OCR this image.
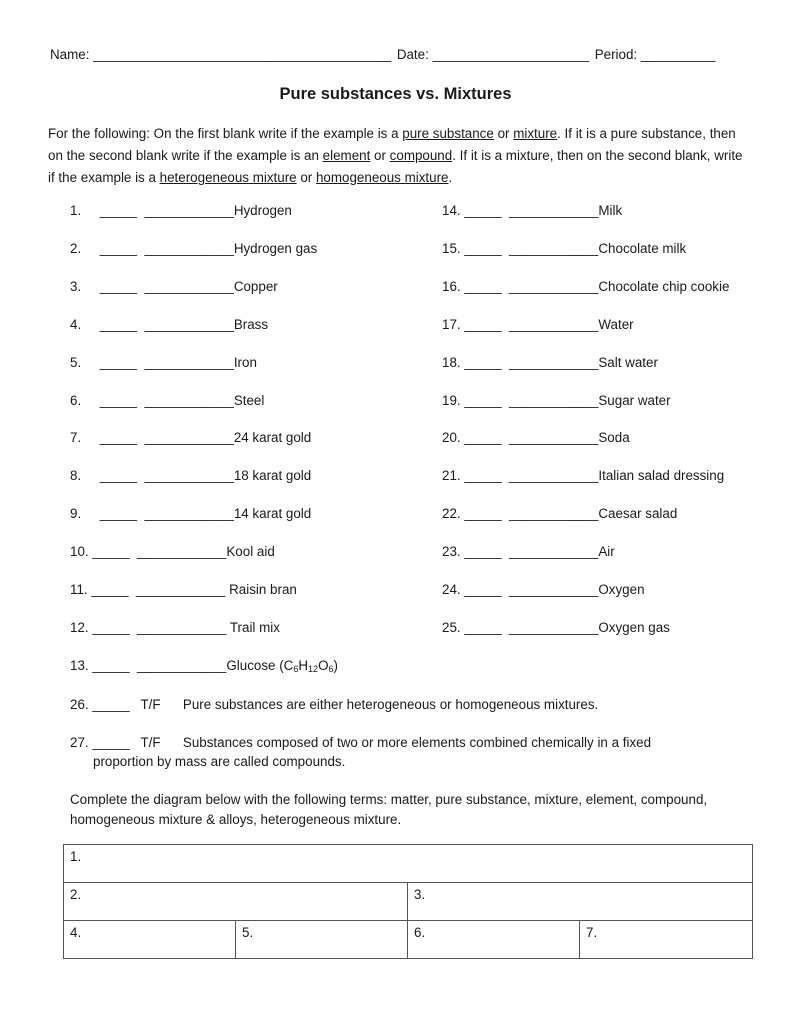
Name: ________________________________________ Date: _____________________ Period: __________
Pure substances vs. Mixtures
For the following: On the first blank write if the example is a pure substance or mixture. If it is a pure substance, then on the second blank write if the example is an element or compound. If it is a mixture, then on the second blank, write if the example is a heterogeneous mixture or homogeneous mixture.
1.     _____  ____________Hydrogen
2.     _____  ____________Hydrogen gas
3.     _____  ____________Copper
4.     _____  ____________Brass
5.     _____  ____________Iron
6.     _____  ____________Steel
7.     _____  ____________24 karat gold
8.     _____  ____________18 karat gold
9.     _____  ____________14 karat gold
10. _____  ____________Kool aid
11. _____  ____________ Raisin bran
12. _____  ____________ Trail mix
13. _____  ____________Glucose $(C_6H_{12}O_6)$
14. _____  ____________Milk
15. _____  ____________Chocolate milk
16. _____  ____________Chocolate chip cookie
17. _____  ____________Water
18. _____  ____________Salt water
19. _____  ____________Sugar water
20. _____  ____________Soda
21. _____  ____________Italian salad dressing
22. _____  ____________Caesar salad
23. _____  ____________Air
24. _____  ____________Oxygen
25. _____  ____________Oxygen gas
26. _____   T/F      Pure substances are either heterogeneous or homogeneous mixtures.
27. _____   T/F      Substances composed of two or more elements combined chemically in a fixed
proportion by mass are called compounds.
Complete the diagram below with the following terms: matter, pure substance, mixture, element, compound, homogeneous mixture & alloys, heterogeneous mixture.
1.			
2.		3.	
4.	5.	6.	7.
